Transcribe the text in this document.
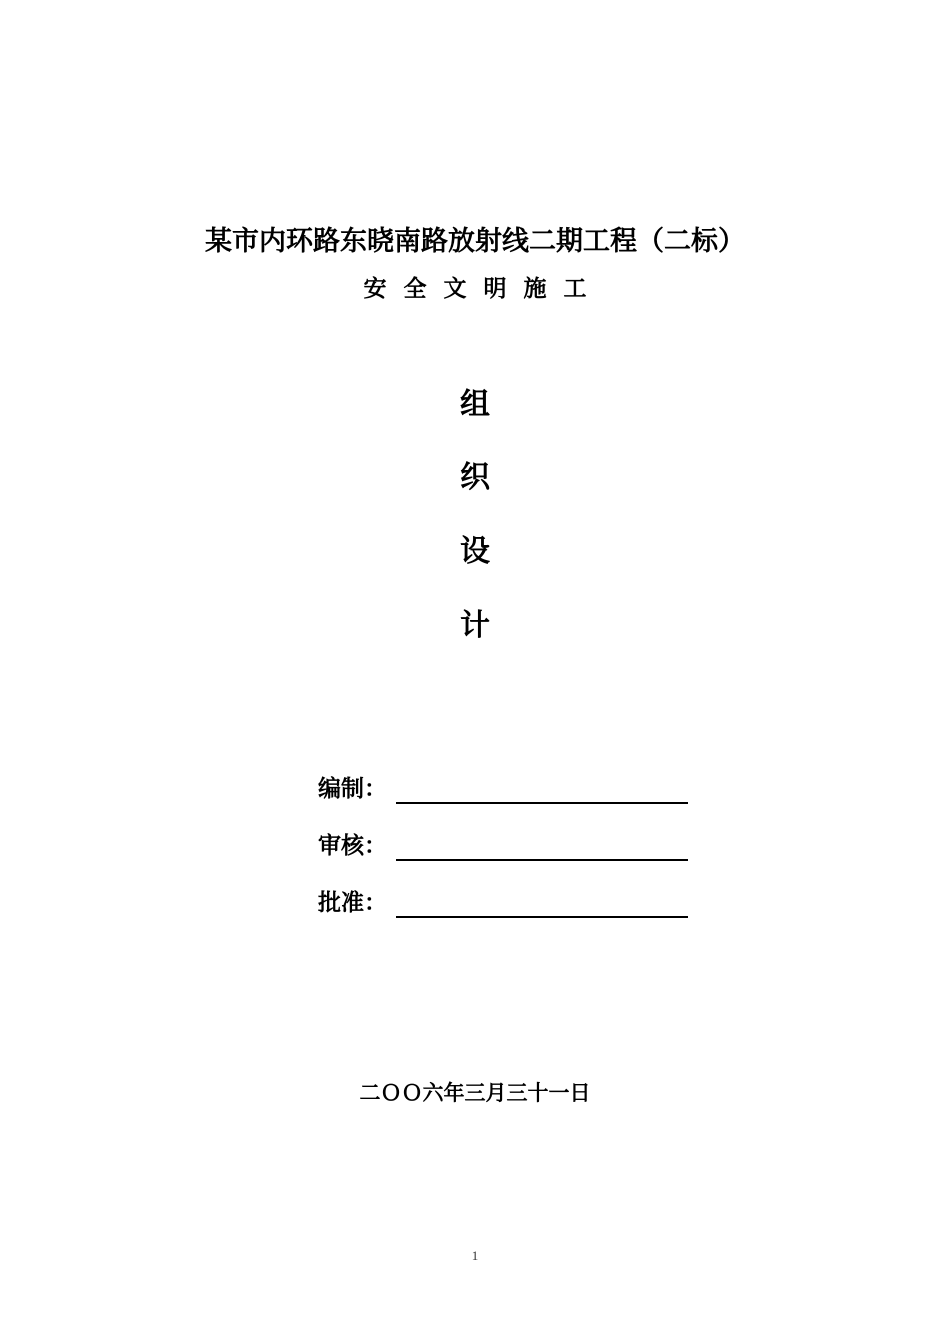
某市内环路东晓南路放射线二期工程（二标）
安全文明施工
组
织
设
计
编制：
审核：
批准：
二ＯＯ六年三月三十一日
1
